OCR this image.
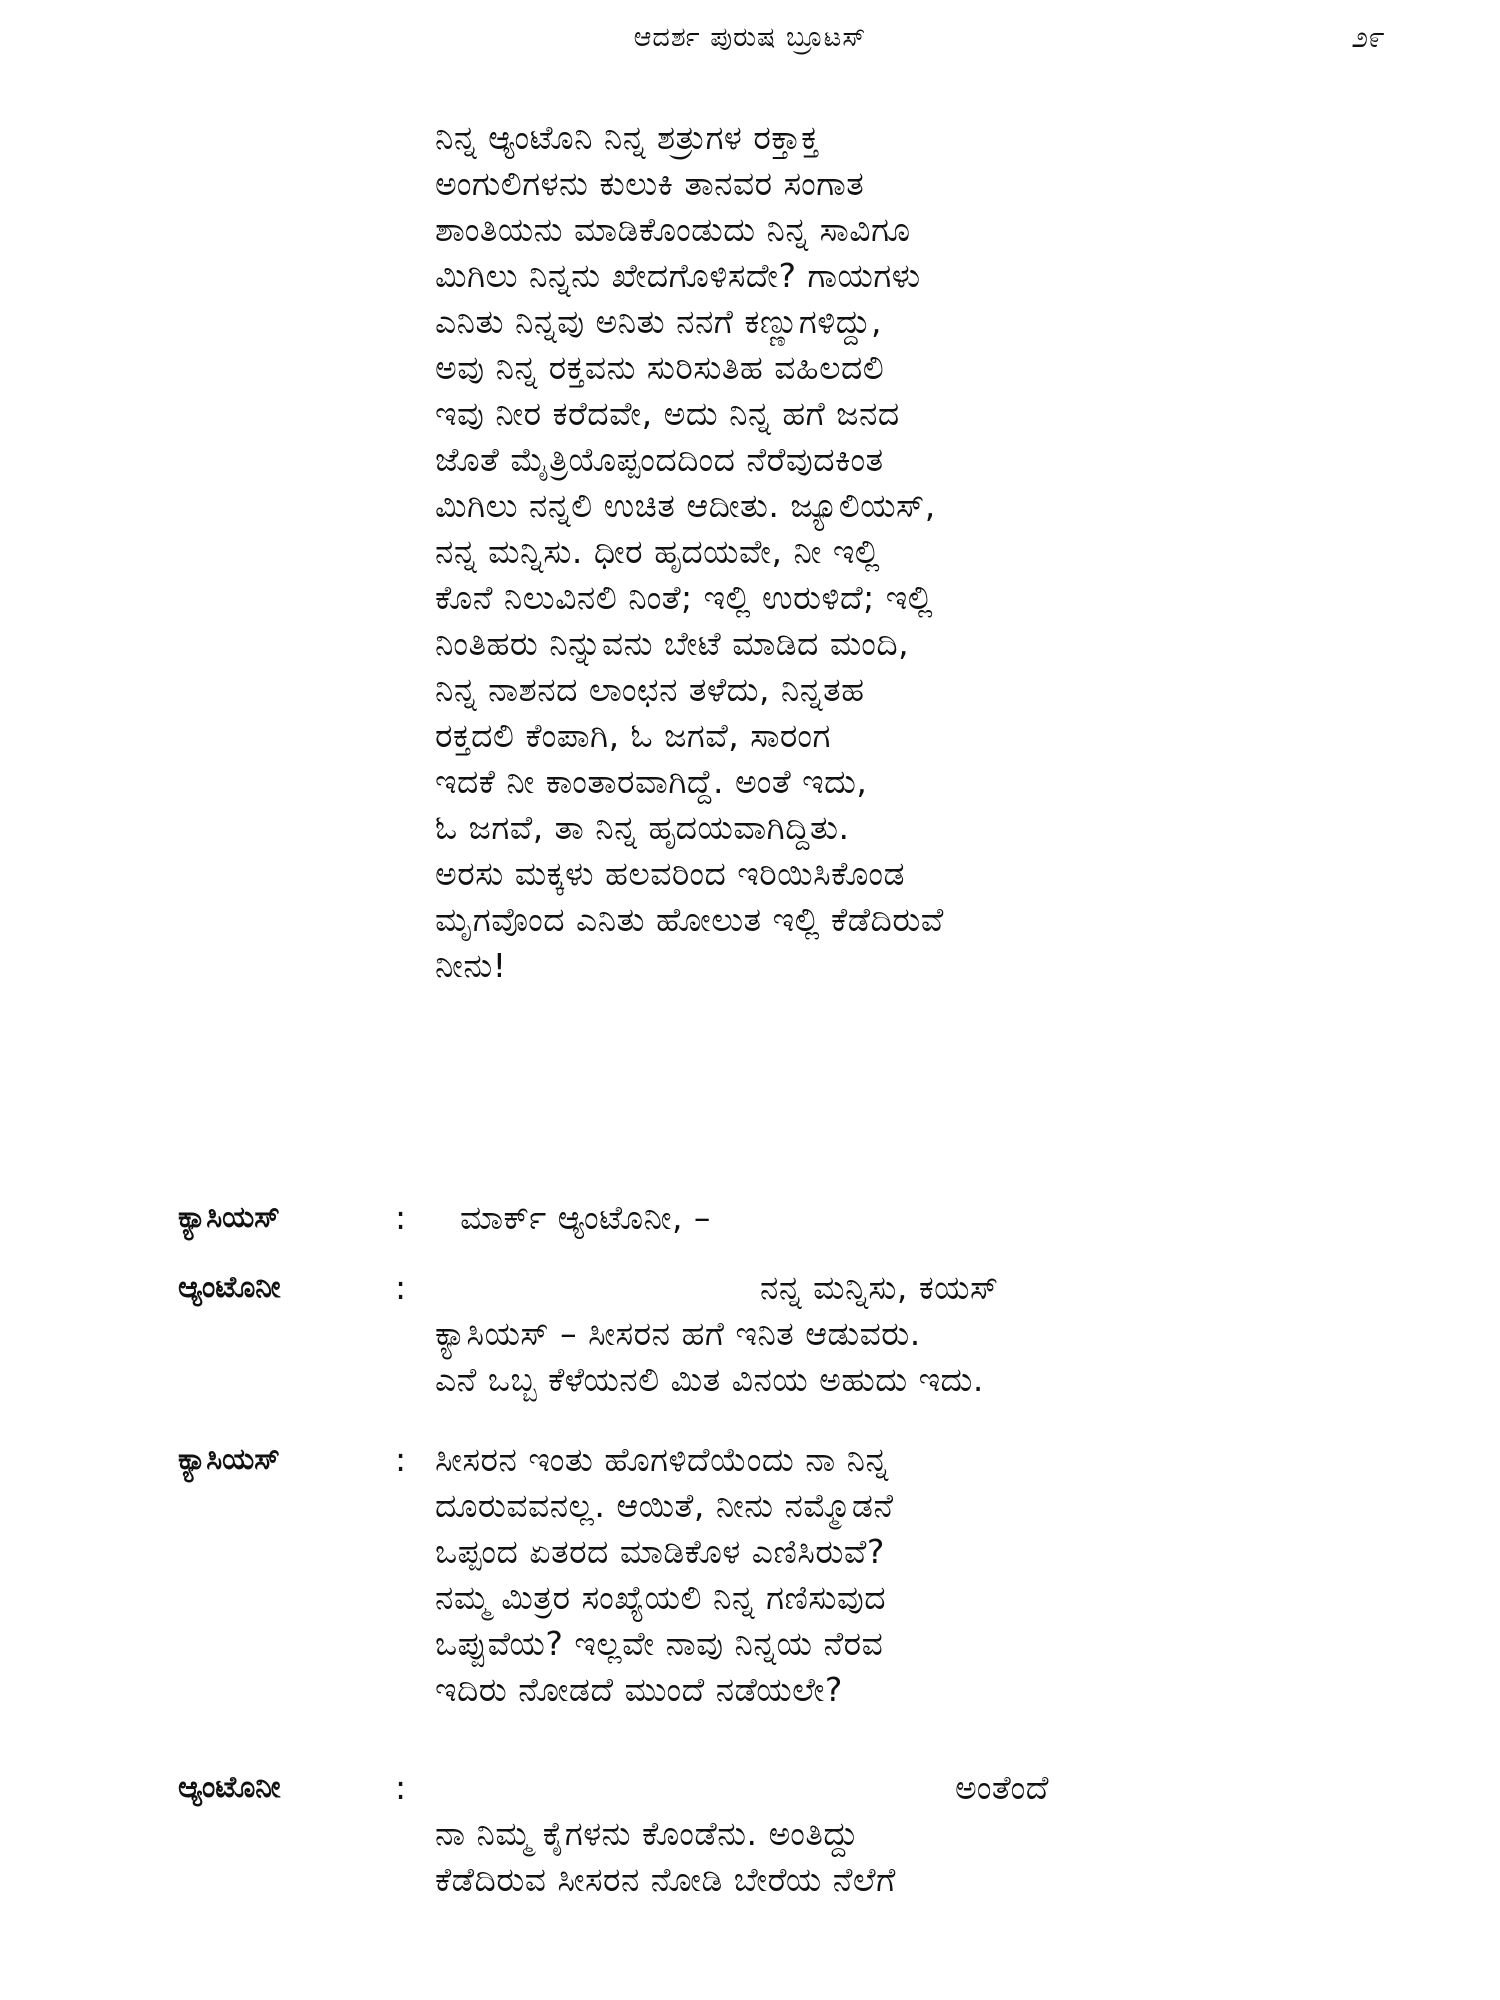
ಆದರ್ಶ ಪುರುಷ ಬ್ರೂಟಸ್	೨೯
ನಿನ್ನ ಆ್ಯಂಟೊನಿ ನಿನ್ನ ಶತ್ರುಗಳ ರಕ್ತಾಕ್ತ
ಅಂಗುಲಿಗಳನು ಕುಲುಕಿ ತಾನವರ ಸಂಗಾತ
ಶಾಂತಿಯನು ಮಾಡಿಕೊಂಡುದು ನಿನ್ನ ಸಾವಿಗೂ
ಮಿಗಿಲು ನಿನ್ನನು ಖೇದಗೊಳಿಸದೇ? ಗಾಯಗಳು
ಎನಿತು ನಿನ್ನವು ಅನಿತು ನನಗೆ ಕಣ್ಣುಗಳಿದ್ದು,
ಅವು ನಿನ್ನ ರಕ್ತವನು ಸುರಿಸುತಿಹ ವಹಿಲದಲಿ
ಇವು ನೀರ ಕರೆದವೇ, ಅದು ನಿನ್ನ ಹಗೆ ಜನದ
ಜೊತೆ ಮೈತ್ರಿಯೊಪ್ಪಂದದಿಂದ ನೆರೆವುದಕಿಂತ
ಮಿಗಿಲು ನನ್ನಲಿ ಉಚಿತ ಆದೀತು. ಜ್ಯೂಲಿಯಸ್,
ನನ್ನ ಮನ್ನಿಸು. ಧೀರ ಹೃದಯವೇ, ನೀ ಇಲ್ಲಿ
ಕೊನೆ ನಿಲುವಿನಲಿ ನಿಂತೆ; ಇಲ್ಲಿ ಉರುಳಿದೆ; ಇಲ್ಲಿ
ನಿಂತಿಹರು ನಿನ್ನುವನು ಬೇಟೆ ಮಾಡಿದ ಮಂದಿ,
ನಿನ್ನ ನಾಶನದ ಲಾಂಛನ ತಳೆದು, ನಿನ್ನತಹ
ರಕ್ತದಲಿ ಕೆಂಪಾಗಿ, ಓ ಜಗವೆ, ಸಾರಂಗ
ಇದಕೆ ನೀ ಕಾಂತಾರವಾಗಿದ್ದೆ. ಅಂತೆ ಇದು,
ಓ ಜಗವೆ, ತಾ ನಿನ್ನ ಹೃದಯವಾಗಿದ್ದಿತು.
ಅರಸು ಮಕ್ಕಳು ಹಲವರಿಂದ ಇರಿಯಿಸಿಕೊಂಡ
ಮೃಗವೊಂದ ಎನಿತು ಹೋಲುತ ಇಲ್ಲಿ ಕೆಡೆದಿರುವೆ
ನೀನು!
ಕ್ಯಾಸಿಯಸ್	: ಮಾರ್ಕ್ ಆ್ಯಂಟೊನೀ, –
ಆ್ಯಂಟೊನೀ	:	ನನ್ನ ಮನ್ನಿಸು, ಕಯಸ್
ಕ್ಯಾಸಿಯಸ್ – ಸೀಸರನ ಹಗೆ ಇನಿತ ಆಡುವರು.
ಎನೆ ಒಬ್ಬ ಕೆಳೆಯನಲಿ ಮಿತ ವಿನಯ ಅಹುದು ಇದು.
ಕ್ಯಾಸಿಯಸ್	: ಸೀಸರನ ಇಂತು ಹೊಗಳಿದೆಯೆಂದು ನಾ ನಿನ್ನ
ದೂರುವವನಲ್ಲ. ಆಯಿತೆ, ನೀನು ನಮ್ಮೊಡನೆ
ಒಪ್ಪಂದ ಏತರದ ಮಾಡಿಕೊಳ ಎಣಿಸಿರುವೆ?
ನಮ್ಮ ಮಿತ್ರರ ಸಂಖ್ಯೆಯಲಿ ನಿನ್ನ ಗಣಿಸುವುದ
ಒಪ್ಪುವೆಯ? ಇಲ್ಲವೇ ನಾವು ನಿನ್ನಯ ನೆರವ
ಇದಿರು ನೋಡದೆ ಮುಂದೆ ನಡೆಯಲೇ?
ಆ್ಯಂಟೊನೀ	:	ಅಂತೆಂದೆ
ನಾ ನಿಮ್ಮ ಕೈಗಳನು ಕೊಂಡೆನು. ಅಂತಿದ್ದು
ಕೆಡೆದಿರುವ ಸೀಸರನ ನೋಡಿ ಬೇರೆಯ ನೆಲೆಗೆ
